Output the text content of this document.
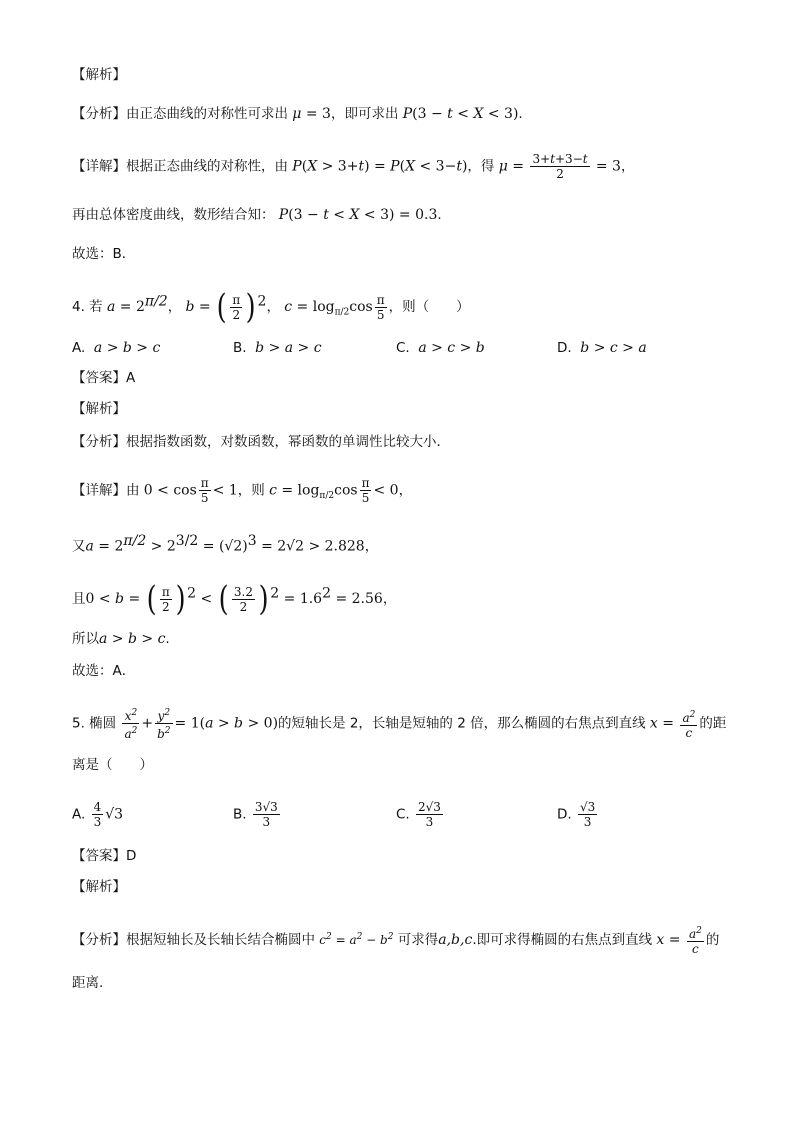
【解析】
【分析】由正态曲线的对称性可求出 μ = 3，即可求出 P(3 − t < X < 3).
【详解】根据正态曲线的对称性，由 P(X > 3+t) = P(X < 3−t)，得 $\mu = \frac{3+t+3-t}{2} = 3$，
再由总体密度曲线，数形结合知： P(3 − t < X < 3) = 0.3.
故选：B．
4. 若 $a = 2^{\pi/2}$， b = ( $\frac{\pi}{2}$ ) $^2$， $c = \log_{\pi/2}\cos \frac{\pi}{5}$ ，则（　　）
A. a > b > c	B. b > a > c	C. a > c > b	D. b > c > a
【答案】A
【解析】
【分析】根据指数函数，对数函数，幂函数的单调性比较大小．
【详解】由 $0 < \cos \frac{\pi}{5} < 1$，则 $c = \log_{\pi/2}\cos \frac{\pi}{5} < 0$，
又$a = 2^{\pi/2} > 2^{3/2} = (√2)^3 = 2√2 > 2.828$，
且0 < b = ( $\frac{\pi}{2}$ ) $^2$ < ( $\frac{3.2}{2}$ ) $^2 = 1.6^2 = 2.56$，
所以a > b > c.
故选：A．
5. 椭圆 $\frac{x^2}{a^2} + \frac{y^2}{b^2} = 1(a > b > 0)$的短轴长是 2，长轴是短轴的 2 倍，那么椭圆的右焦点到直线 $x = \frac{a^2}{c}$ 的距
离是（　　）
A. $\frac{4}{3} √3$	B. $\frac{3√3}{3}$	C. $\frac{2√3}{3}$	D. $\frac{√3}{3}$
【答案】D
【解析】
【分析】根据短轴长及长轴长结合椭圆中 $c^2 = a^2 - b^2$ 可求得a,b,c.即可求得椭圆的右焦点到直线 $x = \frac{a^2}{c}$ 的
距离.
